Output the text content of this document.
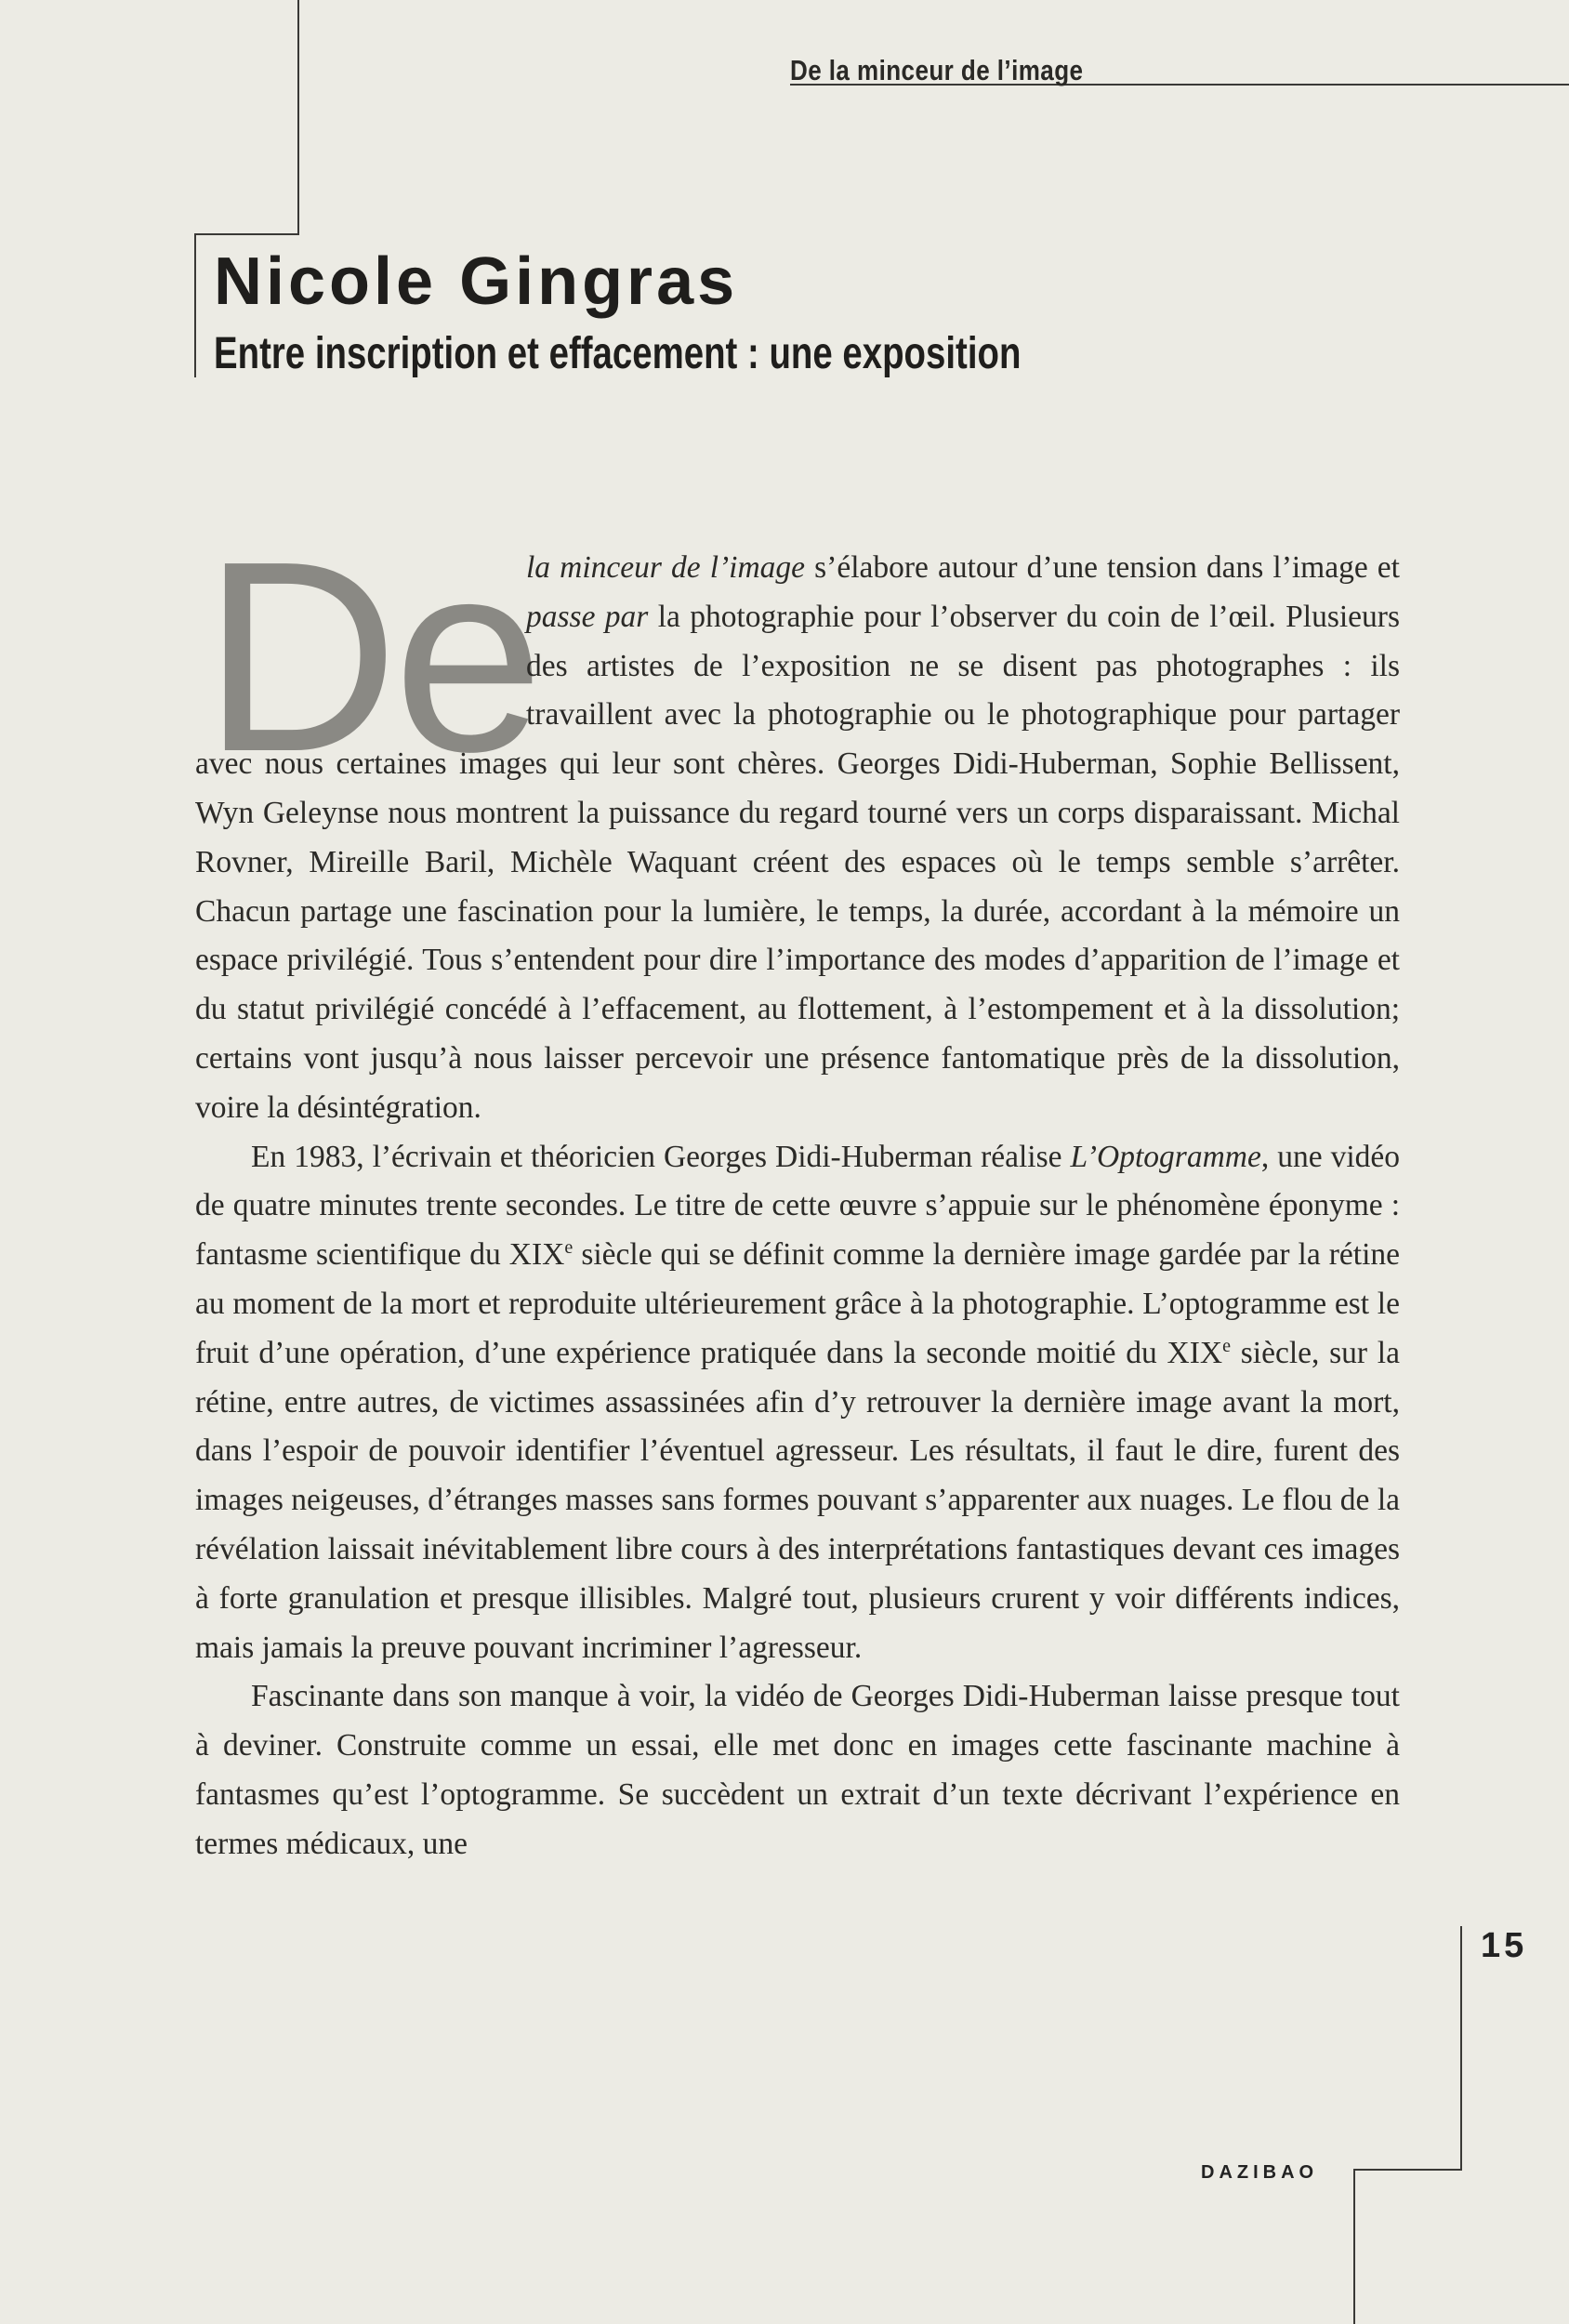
De la minceur de l’image
Nicole Gingras
Entre inscription et effacement : une exposition
De

la minceur de l’image s’élabore autour d’une tension dans l’image et passe par la photographie pour l’observer du coin de l’œil. Plusieurs des artistes de l’exposition ne se disent pas photographes : ils travaillent avec la photographie ou le photographique pour partager avec nous certaines images qui leur sont chères. Georges Didi-Huberman, Sophie Bellissent, Wyn Geleynse nous montrent la puissance du regard tourné vers un corps disparaissant. Michal Rovner, Mireille Baril, Michèle Waquant créent des espaces où le temps semble s’arrêter. Chacun partage une fascination pour la lumière, le temps, la durée, accordant à la mémoire un espace privilégié. Tous s’entendent pour dire l’importance des modes d’apparition de l’image et du statut privilégié concédé à l’effacement, au flottement, à l’estompement et à la dissolution; certains vont jusqu’à nous laisser percevoir une présence fantomatique près de la dissolution, voire la désintégration.

En 1983, l’écrivain et théoricien Georges Didi-Huberman réalise L’Optogramme, une vidéo de quatre minutes trente secondes. Le titre de cette œuvre s’appuie sur le phénomène éponyme : fantasme scientifique du XIXe siècle qui se définit comme la dernière image gardée par la rétine au moment de la mort et reproduite ultérieurement grâce à la photographie. L’optogramme est le fruit d’une opération, d’une expérience pratiquée dans la seconde moitié du XIXe siècle, sur la rétine, entre autres, de victimes assassinées afin d’y retrouver la dernière image avant la mort, dans l’espoir de pouvoir identifier l’éventuel agresseur. Les résultats, il faut le dire, furent des images neigeuses, d’étranges masses sans formes pouvant s’apparenter aux nuages. Le flou de la révélation laissait inévitablement libre cours à des interprétations fantastiques devant ces images à forte granulation et presque illisibles. Malgré tout, plusieurs crurent y voir différents indices, mais jamais la preuve pouvant incriminer l’agresseur.

Fascinante dans son manque à voir, la vidéo de Georges Didi-Huberman laisse presque tout à deviner. Construite comme un essai, elle met donc en images cette fascinante machine à fantasmes qu’est l’optogramme. Se succèdent un extrait d’un texte décrivant l’expérience en termes médicaux, une

15
DAZIBAO
